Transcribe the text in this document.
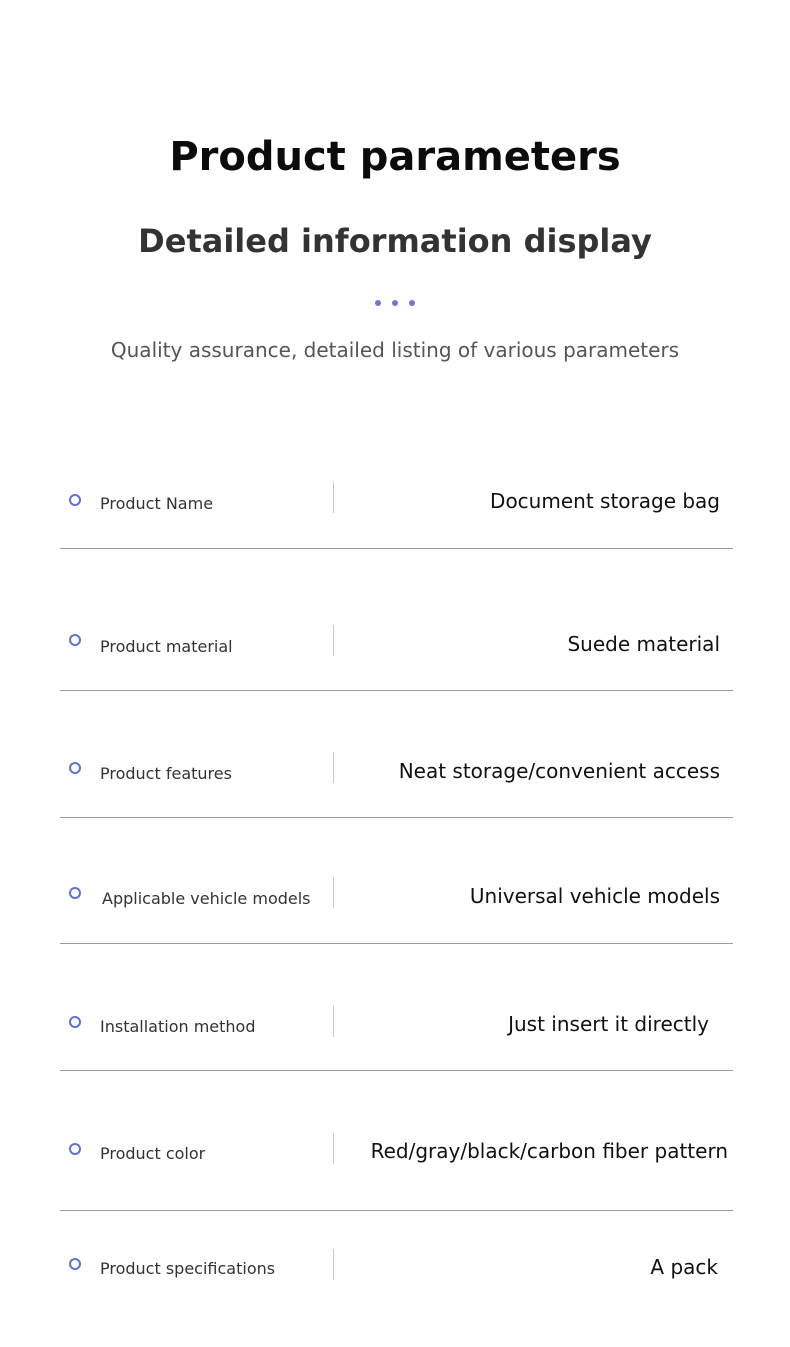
Product parameters
Detailed information display
Quality assurance, detailed listing of various parameters
Product Name	Document storage bag
Product material	Suede material
Product features	Neat storage/convenient access
Applicable vehicle models	Universal vehicle models
Installation method	Just insert it directly
Product color	Red/gray/black/carbon fiber pattern
Product specifications	A pack
